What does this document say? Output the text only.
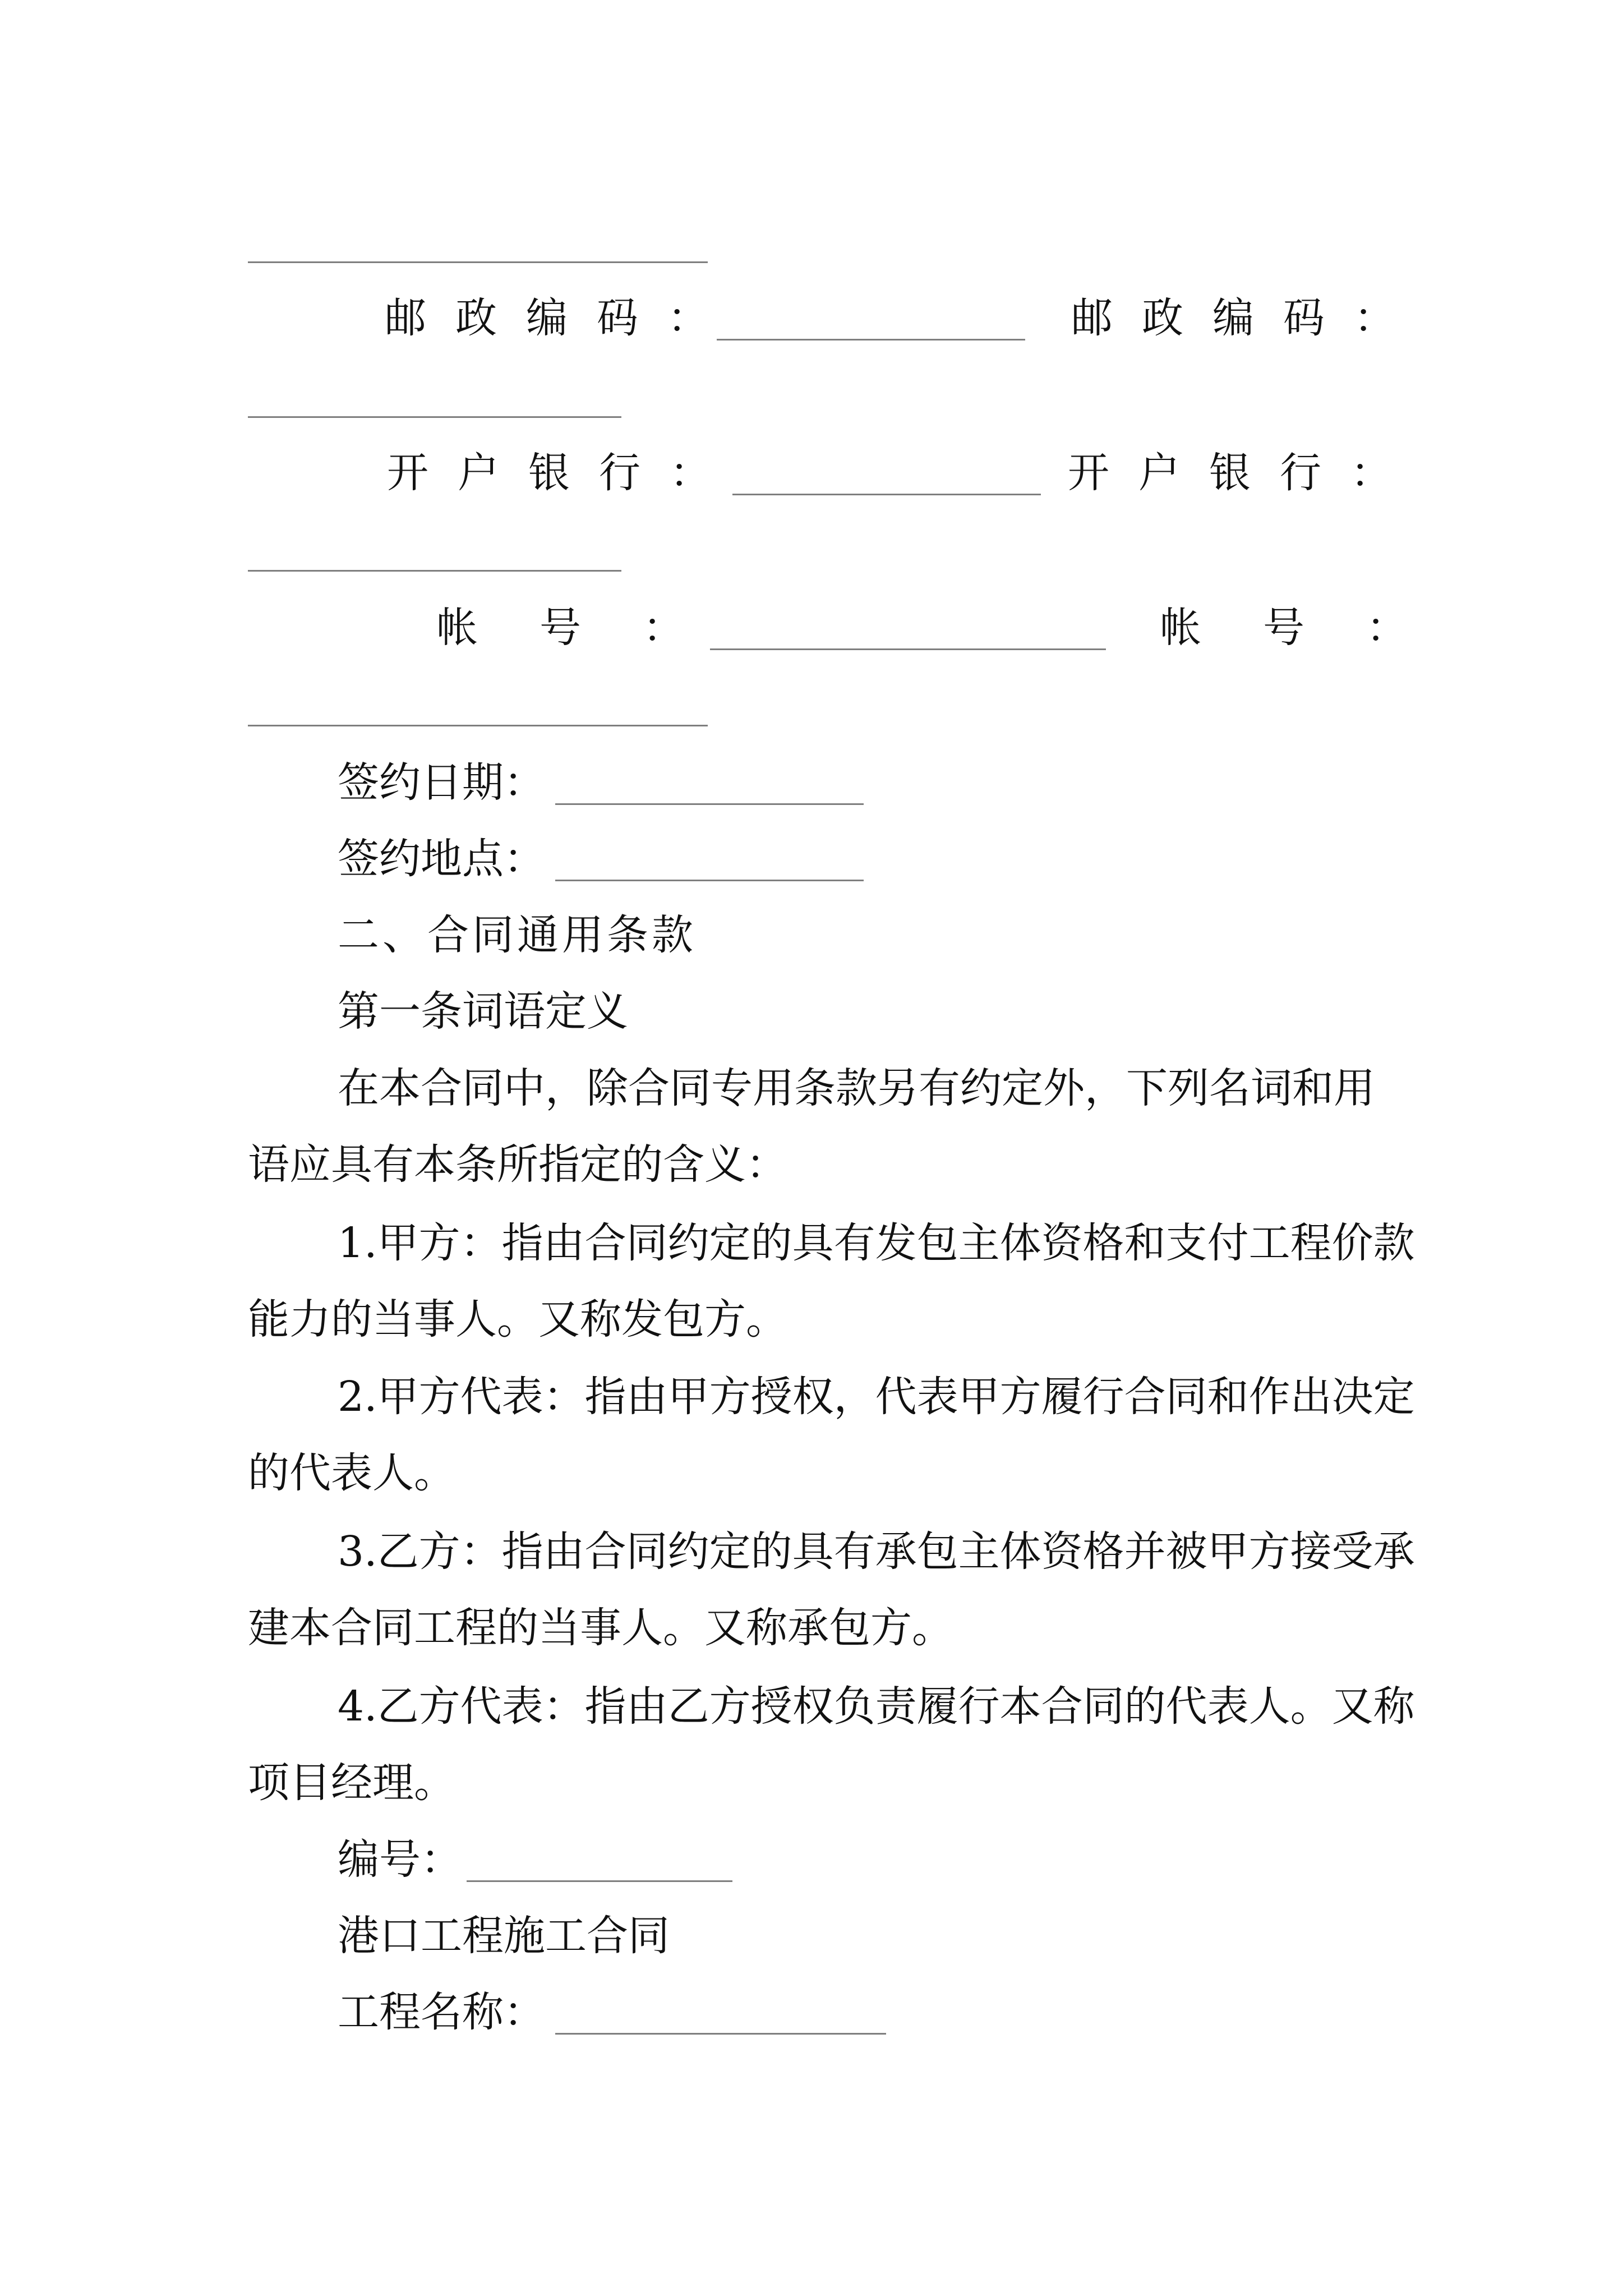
邮政编码：	邮政编码：
开户银行：	开户银行：
帐号：	帐号：
签约日期：
签约地点：
二、合同通用条款
第一条词语定义
在本合同中，除合同专用条款另有约定外，下列名词和用语应具有本条所指定的含义：
1.甲方：指由合同约定的具有发包主体资格和支付工程价款能力的当事人。又称发包方。
2.甲方代表：指由甲方授权，代表甲方履行合同和作出决定的代表人。
3.乙方：指由合同约定的具有承包主体资格并被甲方接受承建本合同工程的当事人。又称承包方。
4.乙方代表：指由乙方授权负责履行本合同的代表人。又称项目经理。
编号：
港口工程施工合同
工程名称：
